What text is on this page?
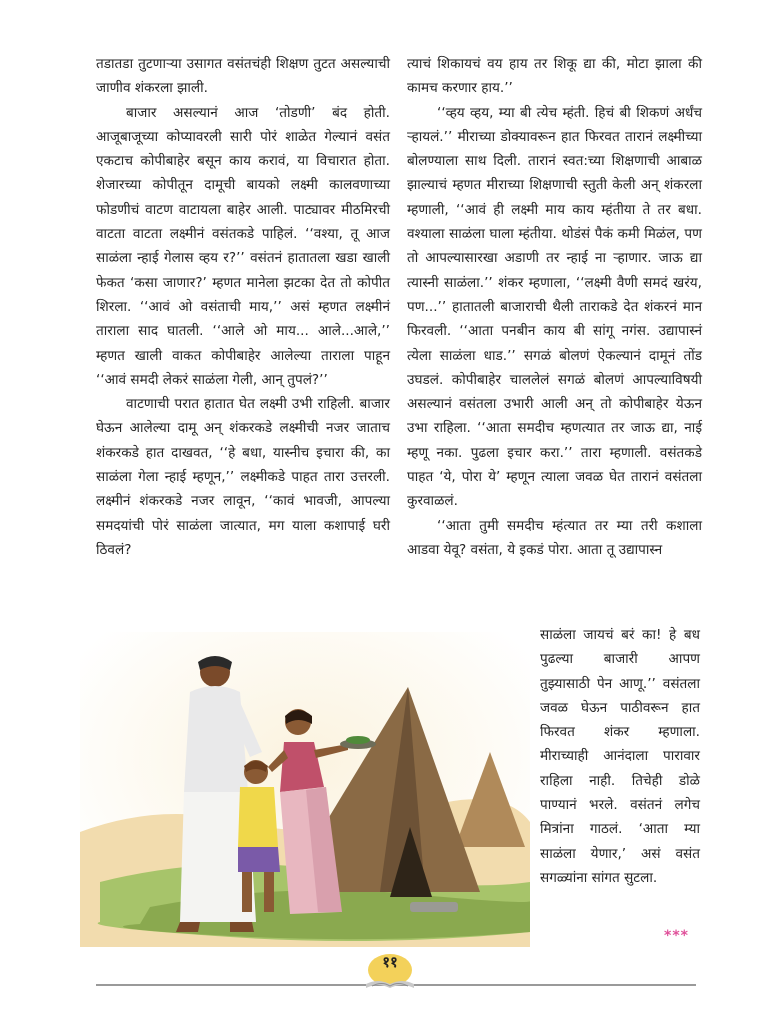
तडातडा तुटणाऱ्या उसागत वसंतचंही शिक्षण तुटत असल्याची जाणीव शंकरला झाली.

बाजार असल्यानं आज ‘तोडणी’ बंद होती. आजूबाजूच्या कोप्यावरली सारी पोरं शाळेत गेल्यानं वसंत एकटाच कोपीबाहेर बसून काय करावं, या विचारात होता. शेजारच्या कोपीतून दामूची बायको लक्ष्मी कालवणाच्या फोडणीचं वाटण वाटायला बाहेर आली. पाट्यावर मीठमिरची वाटता वाटता लक्ष्मीनं वसंतकडे पाहिलं. ‘‘वश्या, तू आज साळंला न्हाई गेलास व्हय र?’’ वसंतनं हातातला खडा खाली फेकत ‘कसा जाणार?’ म्हणत मानेला झटका देत तो कोपीत शिरला. ‘‘आवं ओ वसंताची माय,’’ असं म्हणत लक्ष्मीनं ताराला साद घातली. ‘‘आले ओ माय... आले...आले,’’ म्हणत खाली वाकत कोपीबाहेर आलेल्या ताराला पाहून ‘‘आवं समदी लेकरं साळंला गेली, आन् तुपलं?’’

वाटणाची परात हातात घेत लक्ष्मी उभी राहिली. बाजार घेऊन आलेल्या दामू अन् शंकरकडे लक्ष्मीची नजर जाताच शंकरकडे हात दाखवत, ‘‘हे बधा, यास्नीच इचारा की, का साळंला गेला न्हाई म्हणून,’’ लक्ष्मीकडे पाहत तारा उत्तरली. लक्ष्मीनं शंकरकडे नजर लावून, ‘‘कावं भावजी, आपल्या समदयांची पोरं साळंला जात्यात, मग याला कशापाई घरी ठिवलं?

त्याचं शिकायचं वय हाय तर शिकू द्या की, मोटा झाला की कामच करणार हाय.’’

‘‘व्हय व्हय, म्या बी त्येच म्हंती. हिचं बी शिकणं अर्धंच ऱ्हायलं.’’ मीराच्या डोक्यावरून हात फिरवत तारानं लक्ष्मीच्या बोलण्याला साथ दिली. तारानं स्वत:च्या शिक्षणाची आबाळ झाल्याचं म्हणत मीराच्या शिक्षणाची स्तुती केली अन् शंकरला म्हणाली, ‘‘आवं ही लक्ष्मी माय काय म्हंतीया ते तर बधा. वश्याला साळंला घाला म्हंतीया. थोडंसं पैकं कमी मिळंल, पण तो आपल्यासारखा अडाणी तर न्हाई ना ऱ्हाणार. जाऊ द्या त्यास्नी साळंला.’’ शंकर म्हणाला, ‘‘लक्ष्मी वैणी समदं खरंय, पण...’’ हातातली बाजाराची थैली ताराकडे देत शंकरनं मान फिरवली. ‘‘आता पनबीन काय बी सांगू नगंस. उद्यापास्नं त्येला साळंला धाड.’’ सगळं बोलणं ऐकल्यानं दामूनं तोंड उघडलं. कोपीबाहेर चाललेलं सगळं बोलणं आपल्याविषयी असल्यानं वसंतला उभारी आली अन् तो कोपीबाहेर येऊन उभा राहिला. ‘‘आता समदीच म्हणत्यात तर जाऊ द्या, नाई म्हणू नका. पुढला इचार करा.’’ तारा म्हणाली. वसंतकडे पाहत ‘ये, पोरा ये’ म्हणून त्याला जवळ घेत तारानं वसंतला कुरवाळलं.

‘‘आता तुमी समदीच म्हंत्यात तर म्या तरी कशाला आडवा येवू? वसंता, ये इकडं पोरा. आता तू उद्यापास्न

साळंला जायचं बरं का! हे बध पुढल्या बाजारी आपण तुझ्यासाठी पेन आणू.’’ वसंतला जवळ घेऊन पाठीवरून हात फिरवत शंकर म्हणाला. मीराच्याही आनंदाला पारावार राहिला नाही. तिचेही डोळे पाण्यानं भरले. वसंतनं लगेच मित्रांना गाठलं. ‘आता म्या साळंला येणार,’ असं वसंत सगळ्यांना सांगत सुटला.

***
११
